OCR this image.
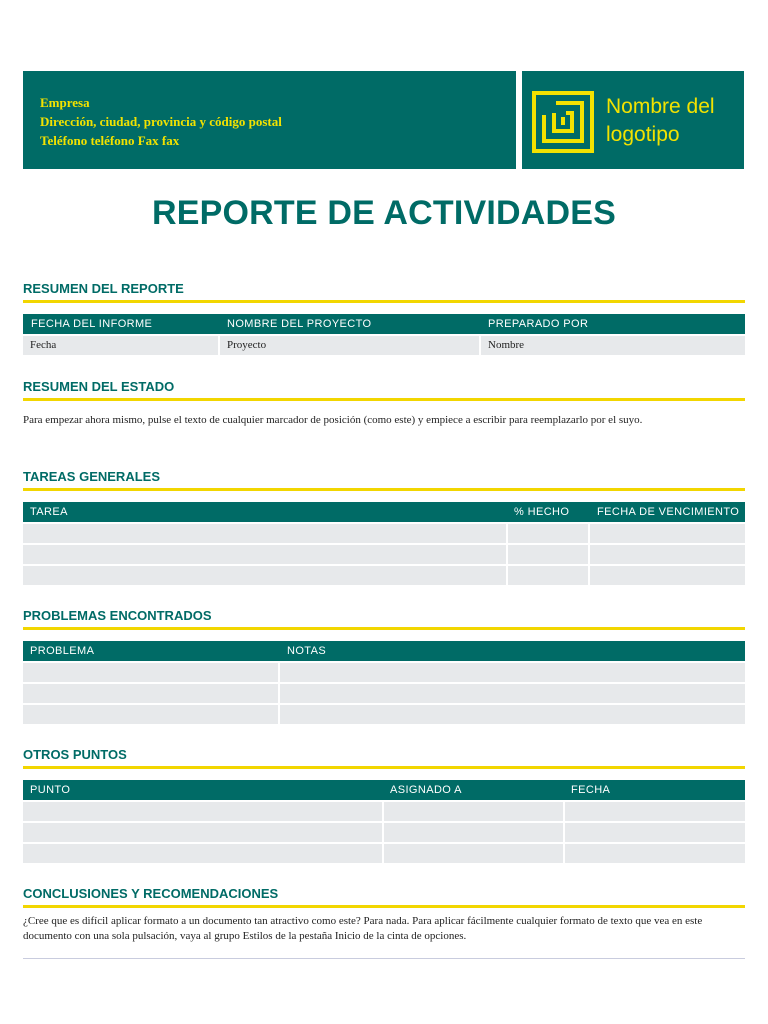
Empresa
Dirección, ciudad, provincia y código postal
Teléfono teléfono Fax fax
Nombre del
logotipo
REPORTE DE ACTIVIDADES
RESUMEN DEL REPORTE
FECHA DEL INFORME	NOMBRE DEL PROYECTO	PREPARADO POR
Fecha	Proyecto	Nombre
RESUMEN DEL ESTADO
Para empezar ahora mismo, pulse el texto de cualquier marcador de posición (como este) y empiece a escribir para reemplazarlo por el suyo.
TAREAS GENERALES
TAREA	% HECHO	FECHA DE VENCIMIENTO
PROBLEMAS ENCONTRADOS
PROBLEMA	NOTAS
OTROS PUNTOS
PUNTO	ASIGNADO A	FECHA
CONCLUSIONES Y RECOMENDACIONES
¿Cree que es difícil aplicar formato a un documento tan atractivo como este? Para nada. Para aplicar fácilmente cualquier formato de texto que vea en este documento con una sola pulsación, vaya al grupo Estilos de la pestaña Inicio de la cinta de opciones.
